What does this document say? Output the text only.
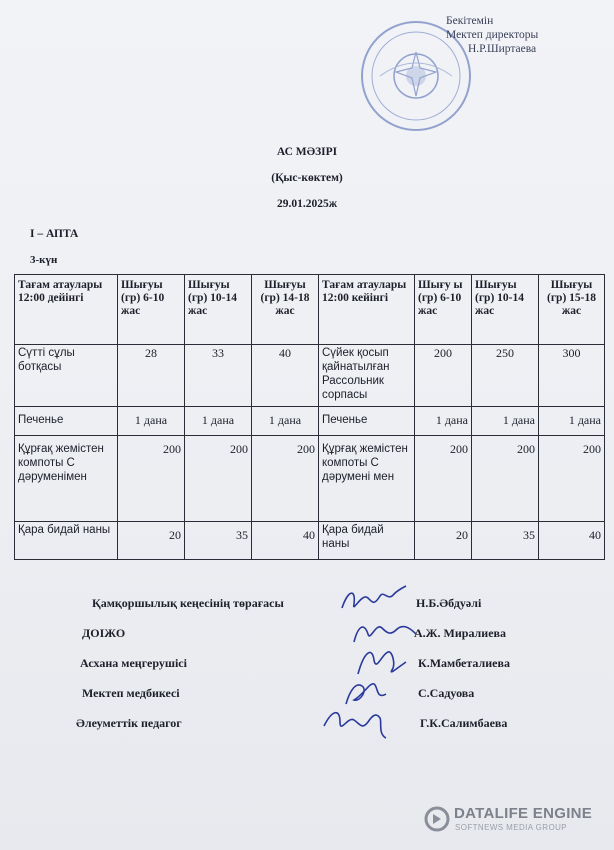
Бекітемін
Мектеп директоры
Н.Р.Ширтаева
АС МӘЗІРІ
(Қыс-көктем)
29.01.2025ж
I – АПТА
3-күн
Тағам атаулары 12:00 дейінгі	Шығуы (гр) 6-10 жас	Шығуы (гр) 10-14 жас	Шығуы (гр) 14-18 жас	Тағам атаулары 12:00 кейінгі	Шығу ы (гр) 6-10 жас	Шығуы (гр) 10-14 жас	Шығуы (гр) 15-18 жас
Сүтті сұлы ботқасы	28	33	40	Сүйек қосып қайнатылған Рассольник сорпасы	200	250	300
Печенье	1 дана	1 дана	1 дана	Печенье	1 дана	1 дана	1 дана
Құрғақ жемістен компоты С дәруменімен	200	200	200	Құрғақ жемістен компоты С дәрумені мен	200	200	200
Қара бидай наны	20	35	40	Қара бидай наны	20	35	40
Қамқоршылық кеңесінің төрағасы	Н.Б.Әбдуәлі
ДОІЖО	А.Ж. Миралиева
Асхана меңгерушісі	К.Мамбеталиева
Мектеп медбикесі	С.Садуова
Әлеуметтік педагог	Г.К.Салимбаева
DATALIFE ENGINE
SOFTNEWS MEDIA GROUP
